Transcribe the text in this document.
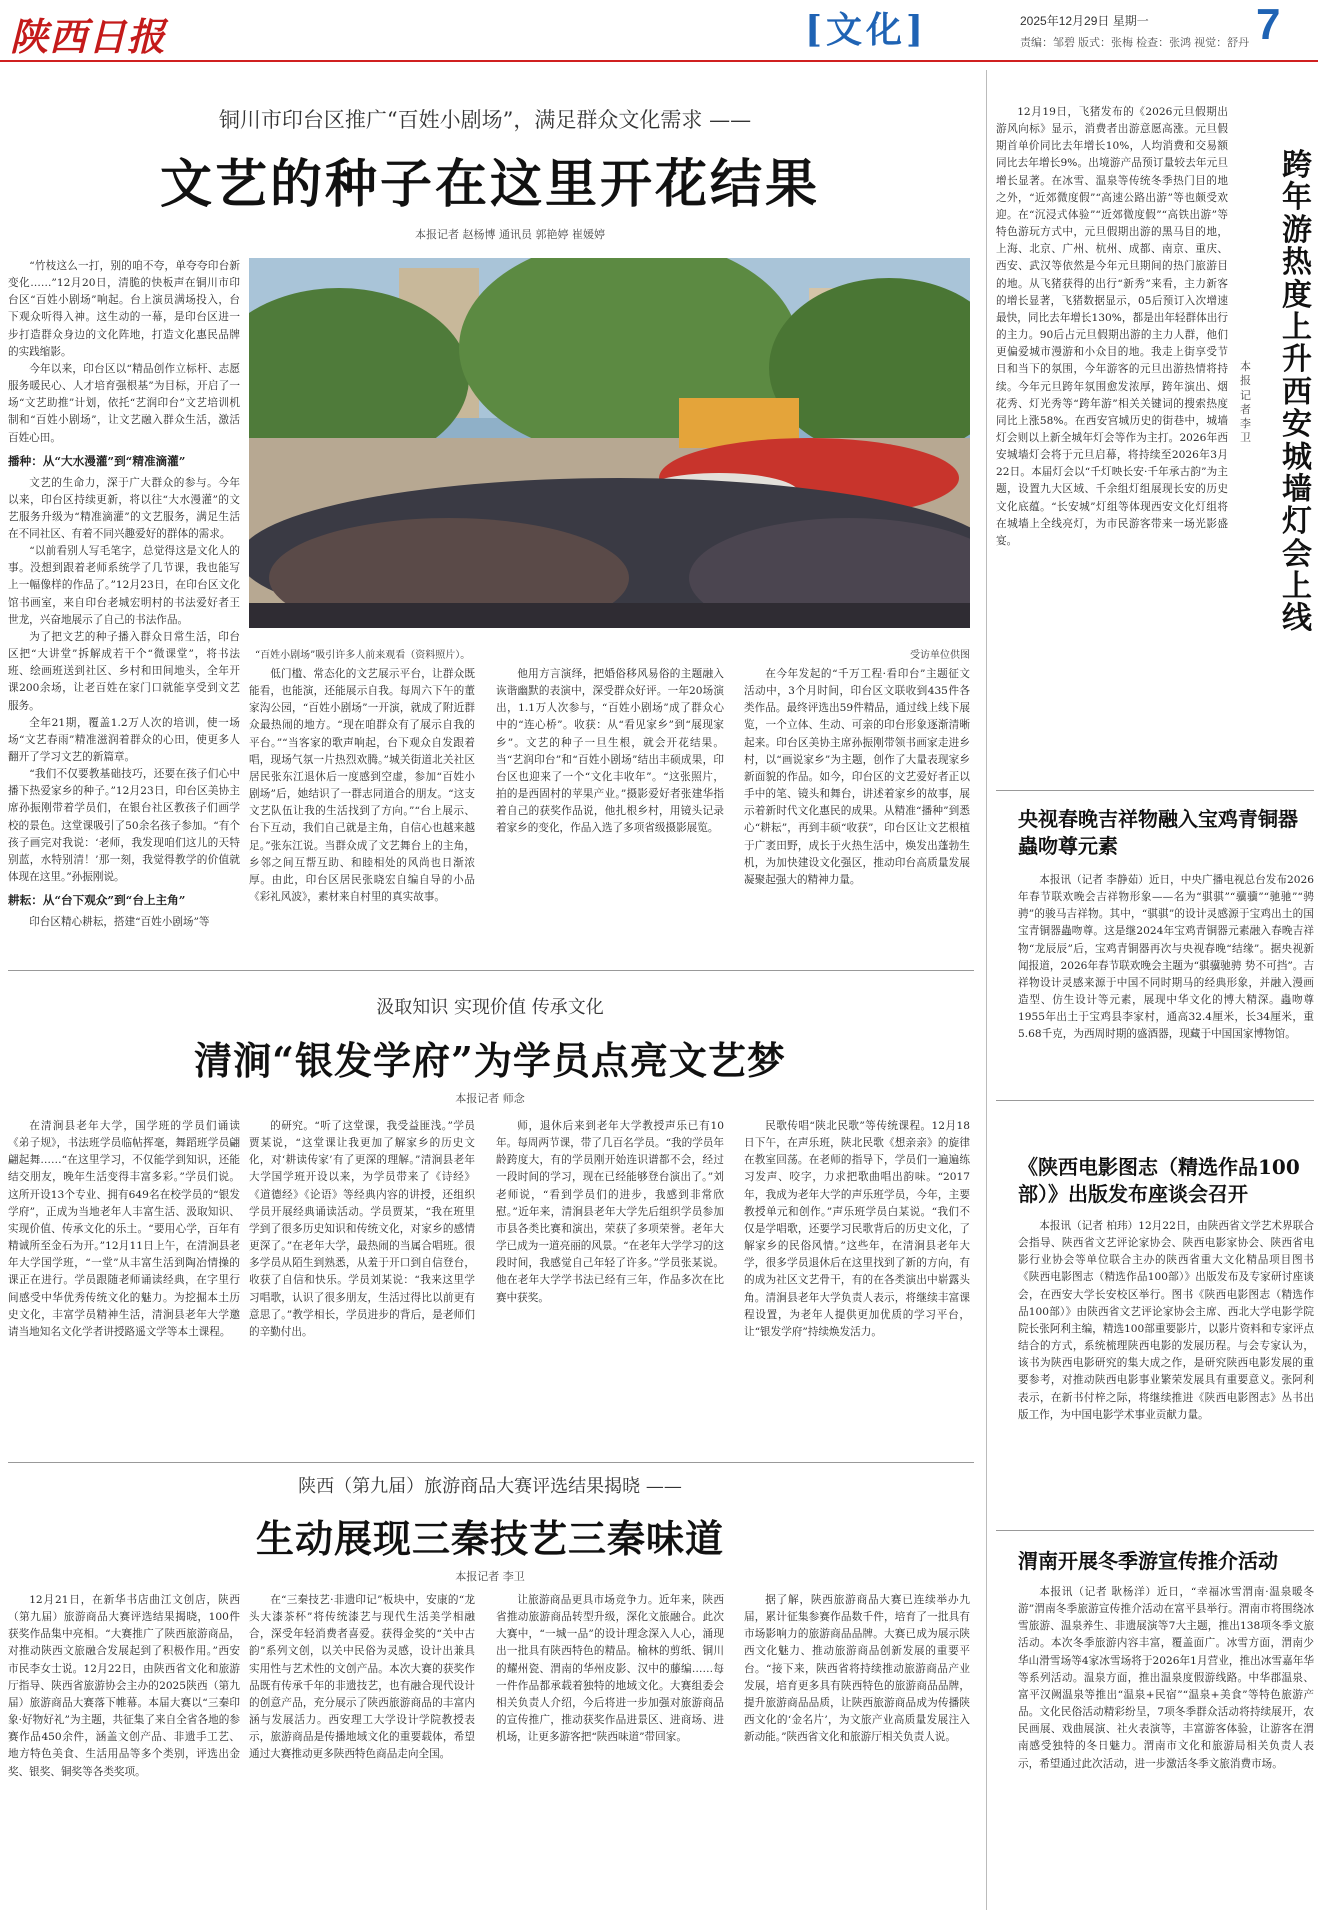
陕西日报	[文化]	2025年12月29日 星期一
责编：邹碧 版式：张梅 检查：张鸿 视觉：舒丹 7
铜川市印台区推广“百姓小剧场”，满足群众文化需求 ——
文艺的种子在这里开花结果
本报记者 赵杨博 通讯员 郭艳婷 崔媛婷

“竹枝这么一打，别的咱不夸，单夸夸印台新变化……”12月20日，清脆的快板声在铜川市印台区“百姓小剧场”响起。台上演员满场投入，台下观众听得入神。这生动的一幕，是印台区进一步打造群众身边的文化阵地，打造文化惠民品牌的实践缩影。

今年以来，印台区以“精品创作立标杆、志愿服务暖民心、人才培育强根基”为目标，开启了一场“文艺助推”计划，依托“艺润印台”文艺培训机制和“百姓小剧场”，让文艺融入群众生活，激活百姓心田。

播种：从“大水漫灌”到“精准滴灌”

文艺的生命力，深于广大群众的参与。今年以来，印台区持续更新，将以往“大水漫灌”的文艺服务升级为“精准滴灌”的文艺服务，满足生活在不同社区、有着不同兴趣爱好的群体的需求。

“以前看别人写毛笔字，总觉得这是文化人的事。没想到跟着老师系统学了几节课，我也能写上一幅像样的作品了。”12月23日，在印台区文化馆书画室，来自印台老城宏明村的书法爱好者王世龙，兴奋地展示了自己的书法作品。

为了把文艺的种子播入群众日常生活，印台区把“大讲堂”拆解成若干个“微课堂”，将书法班、绘画班送到社区、乡村和田间地头，全年开课200余场，让老百姓在家门口就能享受到文艺服务。

全年21期，覆盖1.2万人次的培训，使一场场“文艺春雨”精准滋润着群众的心田，使更多人翻开了学习文艺的新篇章。

“我们不仅要教基础技巧，还要在孩子们心中播下热爱家乡的种子。”12月23日，印台区美协主席孙振刚带着学员们，在银台社区教孩子们画学校的景色。这堂课吸引了50余名孩子参加。“有个孩子画完对我说：‘老师，我发现咱们这儿的天特别蓝，水特别清！’那一刻，我觉得教学的价值就体现在这里。”孙振刚说。

耕耘：从“台下观众”到“台上主角”

印台区精心耕耘，搭建“百姓小剧场”等

“百姓小剧场”吸引许多人前来观看（资料照片）。	受访单位供图

低门槛、常态化的文艺展示平台，让群众既能看，也能演，还能展示自我。每周六下午的董家沟公园，“百姓小剧场”一开演，就成了附近群众最热闹的地方。“现在咱群众有了展示自我的平台。”“当客家的歌声响起，台下观众自发跟着唱，现场气氛一片热烈欢腾。”城关街道北关社区居民张东江退休后一度感到空虚，参加“百姓小剧场”后，她结识了一群志同道合的朋友。“这支文艺队伍让我的生活找到了方向。”“台上展示、台下互动，我们自己就是主角，自信心也越来越足。”张东江说。当群众成了文艺舞台上的主角，乡邻之间互帮互助、和睦相处的风尚也日渐浓厚。由此，印台区居民张晓宏自编自导的小品《彩礼风波》，素材来自村里的真实故事。

他用方言演绎，把婚俗移风易俗的主题融入诙谐幽默的表演中，深受群众好评。一年20场演出，1.1万人次参与，“百姓小剧场”成了群众心中的“连心桥”。收获：从“看见家乡”到“展现家乡”。文艺的种子一旦生根，就会开花结果。当“艺润印台”和“百姓小剧场”结出丰硕成果，印台区也迎来了一个“文化丰收年”。“这张照片，拍的是西固村的苹果产业。”摄影爱好者张建华指着自己的获奖作品说，他扎根乡村，用镜头记录着家乡的变化，作品入选了多项省级摄影展览。

在今年发起的“千万工程·看印台”主题征文活动中，3个月时间，印台区文联收到435件各类作品。最终评选出59件精品，通过线上线下展览，一个立体、生动、可亲的印台形象逐渐清晰起来。印台区美协主席孙振刚带领书画家走进乡村，以“画说家乡”为主题，创作了大量表现家乡新面貌的作品。如今，印台区的文艺爱好者正以手中的笔、镜头和舞台，讲述着家乡的故事，展示着新时代文化惠民的成果。从精准“播种”到悉心“耕耘”，再到丰硕“收获”，印台区让文艺根植于广袤田野，成长于火热生活中，焕发出蓬勃生机，为加快建设文化强区，推动印台高质量发展凝聚起强大的精神力量。

汲取知识 实现价值 传承文化
清涧“银发学府”为学员点亮文艺梦
本报记者 师念

在清涧县老年大学，国学班的学员们诵读《弟子规》，书法班学员临帖挥毫，舞蹈班学员翩翩起舞……“在这里学习，不仅能学到知识，还能结交朋友，晚年生活变得丰富多彩。”学员们说。这所开设13个专业、拥有649名在校学员的“银发学府”，正成为当地老年人丰富生活、汲取知识、实现价值、传承文化的乐土。“要用心学，百年有精诚所至金石为开。”12月11日上午，在清涧县老年大学国学班，“一堂”从丰富生活到陶冶情操的课正在进行。学员跟随老师诵读经典，在字里行间感受中华优秀传统文化的魅力。为挖掘本土历史文化，丰富学员精神生活，清涧县老年大学邀请当地知名文化学者讲授路遥文学等本土课程。

的研究。“听了这堂课，我受益匪浅。”学员贾某说，“这堂课让我更加了解家乡的历史文化，对‘耕读传家’有了更深的理解。”清涧县老年大学国学班开设以来，为学员带来了《诗经》《道德经》《论语》等经典内容的讲授，还组织学员开展经典诵读活动。学员贾某，“我在班里学到了很多历史知识和传统文化，对家乡的感情更深了。”在老年大学，最热闹的当属合唱班。很多学员从陌生到熟悉，从羞于开口到自信登台，收获了自信和快乐。学员刘某说：“我来这里学习唱歌，认识了很多朋友，生活过得比以前更有意思了。”教学相长，学员进步的背后，是老师们的辛勤付出。

师，退休后来到老年大学教授声乐已有10年。每周两节课，带了几百名学员。“我的学员年龄跨度大，有的学员刚开始连识谱都不会，经过一段时间的学习，现在已经能够登台演出了。”刘老师说，“看到学员们的进步，我感到非常欣慰。”近年来，清涧县老年大学先后组织学员参加市县各类比赛和演出，荣获了多项荣誉。老年大学已成为一道亮丽的风景。“在老年大学学习的这段时间，我感觉自己年轻了许多。”学员张某说。他在老年大学学书法已经有三年，作品多次在比赛中获奖。

民歌传唱“陕北民歌”等传统课程。12月18日下午，在声乐班，陕北民歌《想亲亲》的旋律在教室回荡。在老师的指导下，学员们一遍遍练习发声、咬字，力求把歌曲唱出韵味。“2017年，我成为老年大学的声乐班学员，今年，主要教授单元和创作。”声乐班学员白某说。“我们不仅是学唱歌，还要学习民歌背后的历史文化，了解家乡的民俗风情。”这些年，在清涧县老年大学，很多学员退休后在这里找到了新的方向，有的成为社区文艺骨干，有的在各类演出中崭露头角。清涧县老年大学负责人表示，将继续丰富课程设置，为老年人提供更加优质的学习平台，让“银发学府”持续焕发活力。

陕西（第九届）旅游商品大赛评选结果揭晓 ——
生动展现三秦技艺三秦味道
本报记者 李卫

12月21日，在新华书店曲江文创店，陕西（第九届）旅游商品大赛评选结果揭晓，100件获奖作品集中亮相。“大赛推广了陕西旅游商品，对推动陕西文旅融合发展起到了积极作用。”西安市民李女士说。12月22日，由陕西省文化和旅游厅指导、陕西省旅游协会主办的2025陕西（第九届）旅游商品大赛落下帷幕。本届大赛以“三秦印象·好物好礼”为主题，共征集了来自全省各地的参赛作品450余件，涵盖文创产品、非遗手工艺、地方特色美食、生活用品等多个类别，评选出金奖、银奖、铜奖等各类奖项。

在“三秦技艺·非遗印记”板块中，安康的“龙头大漆茶杯”将传统漆艺与现代生活美学相融合，深受年轻消费者喜爱。获得金奖的“关中古韵”系列文创，以关中民俗为灵感，设计出兼具实用性与艺术性的文创产品。本次大赛的获奖作品既有传承千年的非遗技艺，也有融合现代设计的创意产品，充分展示了陕西旅游商品的丰富内涵与发展活力。西安理工大学设计学院教授表示，旅游商品是传播地域文化的重要载体，希望通过大赛推动更多陕西特色商品走向全国。

让旅游商品更具市场竞争力。近年来，陕西省推动旅游商品转型升级，深化文旅融合。此次大赛中，“一城一品”的设计理念深入人心，涌现出一批具有陕西特色的精品。榆林的剪纸、铜川的耀州瓷、渭南的华州皮影、汉中的藤编……每一件作品都承载着独特的地域文化。大赛组委会相关负责人介绍，今后将进一步加强对旅游商品的宣传推广，推动获奖作品进景区、进商场、进机场，让更多游客把“陕西味道”带回家。

据了解，陕西旅游商品大赛已连续举办九届，累计征集参赛作品数千件，培育了一批具有市场影响力的旅游商品品牌。大赛已成为展示陕西文化魅力、推动旅游商品创新发展的重要平台。“接下来，陕西省将持续推动旅游商品产业发展，培育更多具有陕西特色的旅游商品品牌，提升旅游商品品质，让陕西旅游商品成为传播陕西文化的‘金名片’，为文旅产业高质量发展注入新动能。”陕西省文化和旅游厅相关负责人说。

12月19日，飞猪发布的《2026元旦假期出游风向标》显示，消费者出游意愿高涨。元旦假期首单价同比去年增长10%，人均消费和交易额同比去年增长9%。出境游产品预订量较去年元旦增长显著。在冰雪、温泉等传统冬季热门目的地之外，“近郊微度假”“高速公路出游”等也颇受欢迎。在“沉浸式体验”“近郊微度假”“高铁出游”等特色游玩方式中，元旦假期出游的黑马目的地，上海、北京、广州、杭州、成都、南京、重庆、西安、武汉等依然是今年元旦期间的热门旅游目的地。从飞猪获得的出行“新秀”来看，主力新客的增长显著，飞猪数据显示，05后预订入次增速最快，同比去年增长130%，都是出年轻群体出行的主力。90后占元旦假期出游的主力人群，他们更偏爱城市漫游和小众目的地。我走上街享受节日和当下的氛围，今年游客的元旦出游热情将持续。今年元旦跨年氛围愈发浓厚，跨年演出、烟花秀、灯光秀等“跨年游”相关关键词的搜索热度同比上涨58%。在西安宫城历史的街巷中，城墙灯会则以上新全城年灯会等作为主打。2026年西安城墙灯会将于元旦启幕，将持续至2026年3月22日。本届灯会以“千灯映长安·千年承古韵”为主题，设置九大区域、千余组灯组展现长安的历史文化底蕴。“长安城”灯组等体现西安文化灯组将在城墙上全线亮灯，为市民游客带来一场光影盛宴。

跨年游热度上升 西安城墙灯会上线
本报记者 李卫
央视春晚吉祥物融入宝鸡青铜器蟲吻尊元素

本报讯（记者 李静茹）近日，中央广播电视总台发布2026年春节联欢晚会吉祥物形象——名为“骐骐”“骥骥”“驰驰”“骋骋”的骏马吉祥物。其中，“骐骐”的设计灵感源于宝鸡出土的国宝青铜器蟲吻尊。这是继2024年宝鸡青铜器元素融入春晚吉祥物“龙辰辰”后，宝鸡青铜器再次与央视春晚“结缘”。据央视新闻报道，2026年春节联欢晚会主题为“骐骥驰骋 势不可挡”。吉祥物设计灵感来源于中国不同时期马的经典形象，并融入漫画造型、仿生设计等元素，展现中华文化的博大精深。蟲吻尊1955年出土于宝鸡县李家村，通高32.4厘米，长34厘米，重5.68千克，为西周时期的盛酒器，现藏于中国国家博物馆。

《陕西电影图志（精选作品100部）》出版发布座谈会召开

本报讯（记者 柏玮）12月22日，由陕西省文学艺术界联合会指导、陕西省文艺评论家协会、陕西电影家协会、陕西省电影行业协会等单位联合主办的陕西省重大文化精品项目图书《陕西电影图志（精选作品100部）》出版发布及专家研讨座谈会，在西安大学长安校区举行。图书《陕西电影图志（精选作品100部）》由陕西省文艺评论家协会主席、西北大学电影学院院长张阿利主编，精选100部重要影片，以影片资料和专家评点结合的方式，系统梳理陕西电影的发展历程。与会专家认为，该书为陕西电影研究的集大成之作，是研究陕西电影发展的重要参考，对推动陕西电影事业繁荣发展具有重要意义。张阿利表示，在新书付梓之际，将继续推进《陕西电影图志》丛书出版工作，为中国电影学术事业贡献力量。

渭南开展冬季游宣传推介活动

本报讯（记者 耿杨洋）近日，“幸福冰雪渭南·温泉暖冬游”渭南冬季旅游宣传推介活动在富平县举行。渭南市将围绕冰雪旅游、温泉养生、非遗展演等7大主题，推出138项冬季文旅活动。本次冬季旅游内容丰富，覆盖面广。冰雪方面，渭南少华山滑雪场等4家冰雪场将于2026年1月营业，推出冰雪嘉年华等系列活动。温泉方面，推出温泉度假游线路。中华郡温泉、富平汉阙温泉等推出“温泉+民宿”“温泉+美食”等特色旅游产品。文化民俗活动精彩纷呈，7项冬季群众活动将持续展开，农民画展、戏曲展演、社火表演等，丰富游客体验，让游客在渭南感受独特的冬日魅力。渭南市文化和旅游局相关负责人表示，希望通过此次活动，进一步激活冬季文旅消费市场。
